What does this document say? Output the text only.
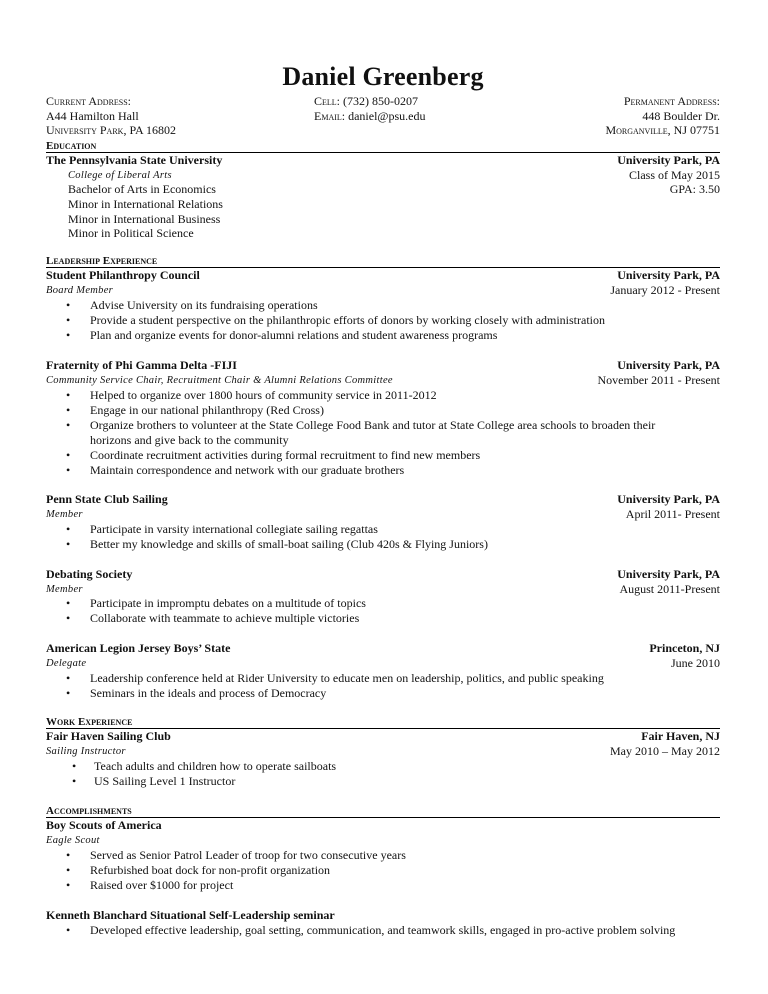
Daniel Greenberg
Current Address:
A44 Hamilton Hall
University Park, PA 16802
Cell: (732) 850-0207
Email: daniel@psu.edu
Permanent Address:
448 Boulder Dr.
Morganville, NJ 07751
Education
The Pennsylvania State University	University Park, PA
College of Liberal Arts	Class of May 2015
Bachelor of Arts in Economics	GPA: 3.50
Minor in International Relations
Minor in International Business
Minor in Political Science
Leadership Experience
Student Philanthropy Council	University Park, PA
Board Member	January 2012 - Present
• Advise University on its fundraising operations
• Provide a student perspective on the philanthropic efforts of donors by working closely with administration
• Plan and organize events for donor-alumni relations and student awareness programs
Fraternity of Phi Gamma Delta -FIJI	University Park, PA
Community Service Chair, Recruitment Chair & Alumni Relations Committee	November 2011 - Present
• Helped to organize over 1800 hours of community service in 2011-2012
• Engage in our national philanthropy (Red Cross)
• Organize brothers to volunteer at the State College Food Bank and tutor at State College area schools to broaden their
horizons and give back to the community
• Coordinate recruitment activities during formal recruitment to find new members
• Maintain correspondence and network with our graduate brothers
Penn State Club Sailing	University Park, PA
Member	April 2011- Present
• Participate in varsity international collegiate sailing regattas
• Better my knowledge and skills of small-boat sailing (Club 420s & Flying Juniors)
Debating Society	University Park, PA
Member	August 2011-Present
• Participate in impromptu debates on a multitude of topics
• Collaborate with teammate to achieve multiple victories
American Legion Jersey Boys’ State	Princeton, NJ
Delegate	June 2010
• Leadership conference held at Rider University to educate men on leadership, politics, and public speaking
• Seminars in the ideals and process of Democracy
Work Experience
Fair Haven Sailing Club	Fair Haven, NJ
Sailing Instructor	May 2010 – May 2012
• Teach adults and children how to operate sailboats
• US Sailing Level 1 Instructor
Accomplishments
Boy Scouts of America
Eagle Scout
• Served as Senior Patrol Leader of troop for two consecutive years
• Refurbished boat dock for non-profit organization
• Raised over $1000 for project
Kenneth Blanchard Situational Self-Leadership seminar
• Developed effective leadership, goal setting, communication, and teamwork skills, engaged in pro-active problem solving
